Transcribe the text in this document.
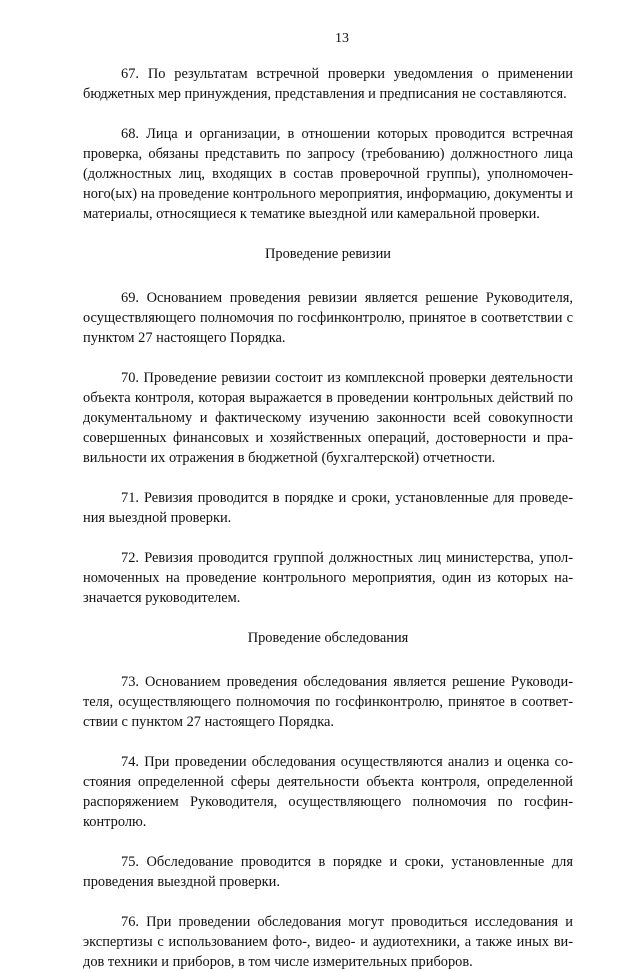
13

67. По результатам встречной проверки уведомления о применении бюджетных мер принуждения, представления и предписания не составляются.

68. Лица и организации, в отношении которых проводится встречная проверка, обязаны представить по запросу (требованию) должностного лица (должностных лиц, входящих в состав проверочной группы), уполномочен-ного(ых) на проведение контрольного мероприятия, информацию, документы и материалы, относящиеся к тематике выездной или камеральной проверки.

Проведение ревизии

69. Основанием проведения ревизии является решение Руководителя, осуществляющего полномочия по госфинконтролю, принятое в соответствии с пунктом 27 настоящего Порядка.

70. Проведение ревизии состоит из комплексной проверки деятельности объекта контроля, которая выражается в проведении контрольных действий по документальному и фактическому изучению законности всей совокупности совершенных финансовых и хозяйственных операций, достоверности и пра-вильности их отражения в бюджетной (бухгалтерской) отчетности.

71. Ревизия проводится в порядке и сроки, установленные для проведе-ния выездной проверки.

72. Ревизия проводится группой должностных лиц министерства, упол-номоченных на проведение контрольного мероприятия, один из которых на-значается руководителем.

Проведение обследования

73. Основанием проведения обследования является решение Руководи-теля, осуществляющего полномочия по госфинконтролю, принятое в соответ-ствии с пунктом 27 настоящего Порядка.

74. При проведении обследования осуществляются анализ и оценка со-стояния определенной сферы деятельности объекта контроля, определенной распоряжением Руководителя, осуществляющего полномочия по госфин-контролю.

75. Обследование проводится в порядке и сроки, установленные для проведения выездной проверки.

76. При проведении обследования могут проводиться исследования и экспертизы с использованием фото-, видео- и аудиотехники, а также иных ви-дов техники и приборов, в том числе измерительных приборов.
